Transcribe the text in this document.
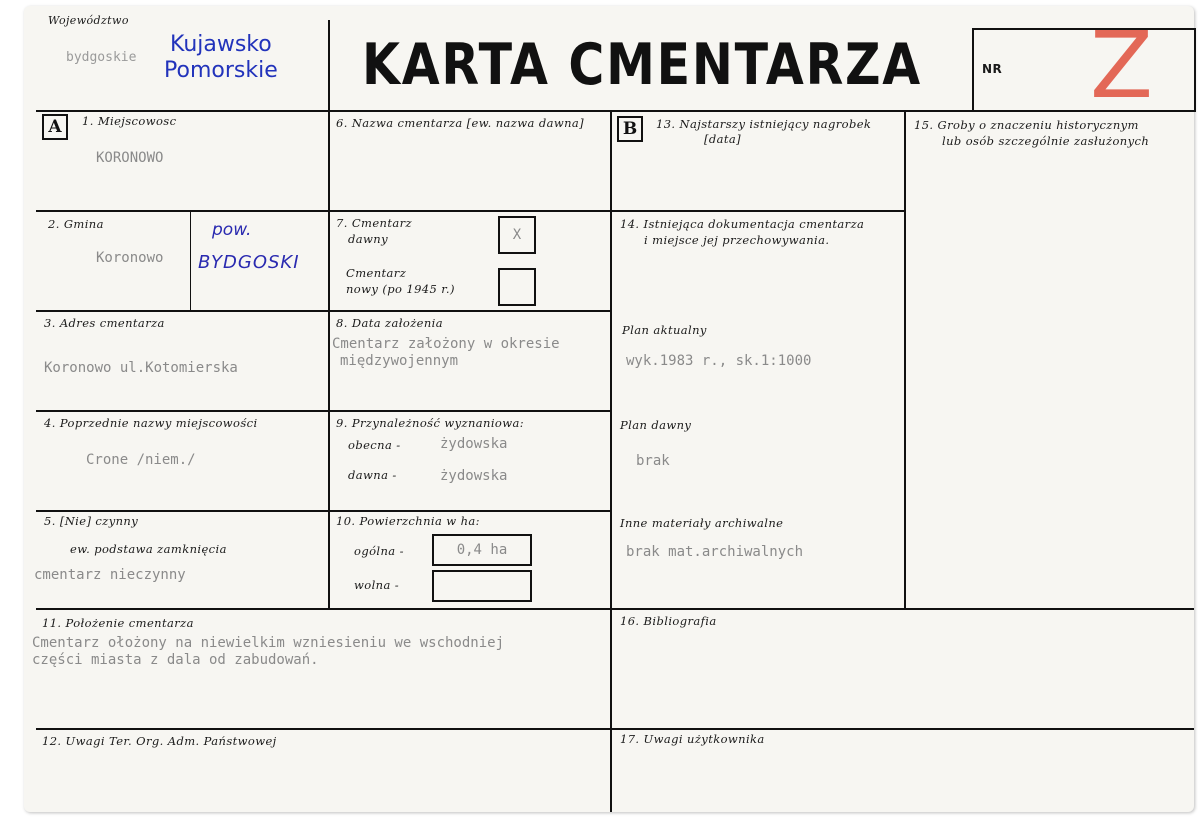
Województwo
bydgoskie
Kujawsko
Pomorskie KARTA CMENTARZA	NR Z
A	B
1. Miejscowosc
KORONOWO
2. Gmina
Koronowo
pow.
BYDGOSKI
3. Adres cmentarza
Koronowo ul.Kotomierska
4. Poprzednie nazwy miejscowości
Crone /niem./
5. [Nie] czynny
ew. podstawa zamknięcia
cmentarz nieczynny
6. Nazwa cmentarza [ew. nazwa dawna]
7. Cmentarz
dawny	X
Cmentarz
nowy (po 1945 r.)
8. Data założenia
Cmentarz założony w okresie
międzywojennym
9. Przynależność wyznaniowa:
obecna -	żydowska
dawna -	żydowska
10. Powierzchnia w ha:
ogólna -	0,4 ha
wolna -
11. Położenie cmentarza
Cmentarz ołożony na niewielkim wzniesieniu we wschodniej
części miasta z dala od zabudowań.
12. Uwagi Ter. Org. Adm. Państwowej
13. Najstarszy istniejący nagrobek
[data]
14. Istniejąca dokumentacja cmentarza
i miejsce jej przechowywania.
Plan aktualny
wyk.1983 r., sk.1:1000
Plan dawny
brak
Inne materiały archiwalne
brak mat.archiwalnych
15. Groby o znaczeniu historycznym
lub osób szczególnie zasłużonych
16. Bibliografia
17. Uwagi użytkownika
